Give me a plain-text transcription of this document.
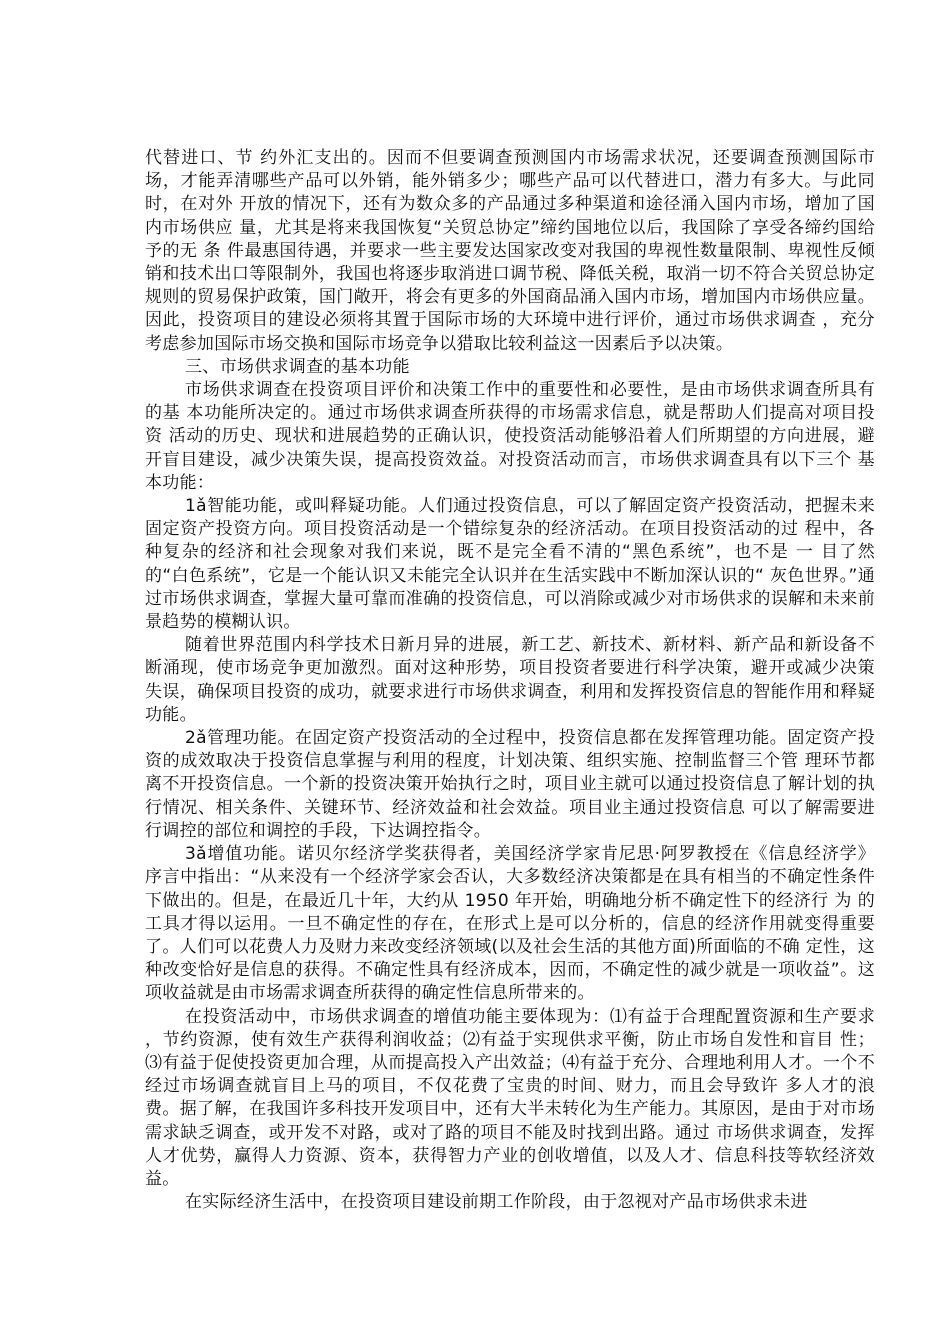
代替进口、节 约外汇支出的。因而不但要调查预测国内市场需求状况，还要调查预测国际市场，才能弄清哪些产品可以外销，能外销多少；哪些产品可以代替进口，潜力有多大。与此同时，在对外 开放的情况下，还有为数众多的产品通过多种渠道和途径涌入国内市场，增加了国内市场供应 量，尤其是将来我国恢复“关贸总协定”缔约国地位以后，我国除了享受各缔约国给予的无 条 件最惠国待遇，并要求一些主要发达国家改变对我国的卑视性数量限制、卑视性反倾销和技术出口等限制外，我国也将逐步取消进口调节税、降低关税，取消一切不符合关贸总协定 规则的贸易保护政策，国门敞开，将会有更多的外国商品涌入国内市场，增加国内市场供应量。因此，投资项目的建设必须将其置于国际市场的大环境中进行评价，通过市场供求调查 ，充分考虑参加国际市场交换和国际市场竞争以猎取比较利益这一因素后予以决策。

三、市场供求调查的基本功能

市场供求调查在投资项目评价和决策工作中的重要性和必要性，是由市场供求调查所具有的基 本功能所决定的。通过市场供求调查所获得的市场需求信息，就是帮助人们提高对项目投资 活动的历史、现状和进展趋势的正确认识，使投资活动能够沿着人们所期望的方向进展，避开盲目建设，减少决策失误，提高投资效益。对投资活动而言，市场供求调查具有以下三个 基本功能：

1ǎ智能功能，或叫释疑功能。人们通过投资信息，可以了解固定资产投资活动，把握未来固定资产投资方向。项目投资活动是一个错综复杂的经济活动。在项目投资活动的过 程中，各种复杂的经济和社会现象对我们来说，既不是完全看不清的“黑色系统”，也不是 一 目了然的“白色系统”，它是一个能认识又未能完全认识并在生活实践中不断加深认识的“ 灰色世界。”通过市场供求调查，掌握大量可靠而准确的投资信息，可以消除或减少对市场供求的误解和未来前景趋势的模糊认识。

随着世界范围内科学技术日新月异的进展，新工艺、新技术、新材料、新产品和新设备不断涌现，使市场竞争更加激烈。面对这种形势，项目投资者要进行科学决策，避开或减少决策 失误，确保项目投资的成功，就要求进行市场供求调查，利用和发挥投资信息的智能作用和释疑功能。

2ǎ管理功能。在固定资产投资活动的全过程中，投资信息都在发挥管理功能。固定资产投资的成效取决于投资信息掌握与利用的程度，计划决策、组织实施、控制监督三个管 理环节都离不开投资信息。一个新的投资决策开始执行之时，项目业主就可以通过投资信息了解计划的执行情况、相关条件、关键环节、经济效益和社会效益。项目业主通过投资信息 可以了解需要进行调控的部位和调控的手段，下达调控指令。

3ǎ增值功能。诺贝尔经济学奖获得者，美国经济学家肯尼思·阿罗教授在《信息经济学》 序言中指出：“从来没有一个经济学家会否认，大多数经济决策都是在具有相当的不确定性条件下做出的。但是，在最近几十年，大约从 1950 年开始，明确地分析不确定性下的经济行 为 的工具才得以运用。一旦不确定性的存在，在形式上是可以分析的，信息的经济作用就变得重要了。人们可以花费人力及财力来改变经济领域(以及社会生活的其他方面)所面临的不确 定性，这种改变恰好是信息的获得。不确定性具有经济成本，因而，不确定性的减少就是一项收益”。这项收益就是由市场需求调查所获得的确定性信息所带来的。

在投资活动中，市场供求调查的增值功能主要体现为：⑴有益于合理配置资源和生产要求 ，节约资源，使有效生产获得利润收益；⑵有益于实现供求平衡，防止市场自发性和盲目 性；⑶有益于促使投资更加合理，从而提高投入产出效益；⑷有益于充分、合理地利用人才。一个不经过市场调查就盲目上马的项目，不仅花费了宝贵的时间、财力，而且会导致许 多人才的浪费。据了解，在我国许多科技开发项目中，还有大半未转化为生产能力。其原因，是由于对市场需求缺乏调查，或开发不对路，或对了路的项目不能及时找到出路。通过 市场供求调查，发挥人才优势，赢得人力资源、资本，获得智力产业的创收增值，以及人才、信息科技等软经济效益。

在实际经济生活中，在投资项目建设前期工作阶段，由于忽视对产品市场供求未进
